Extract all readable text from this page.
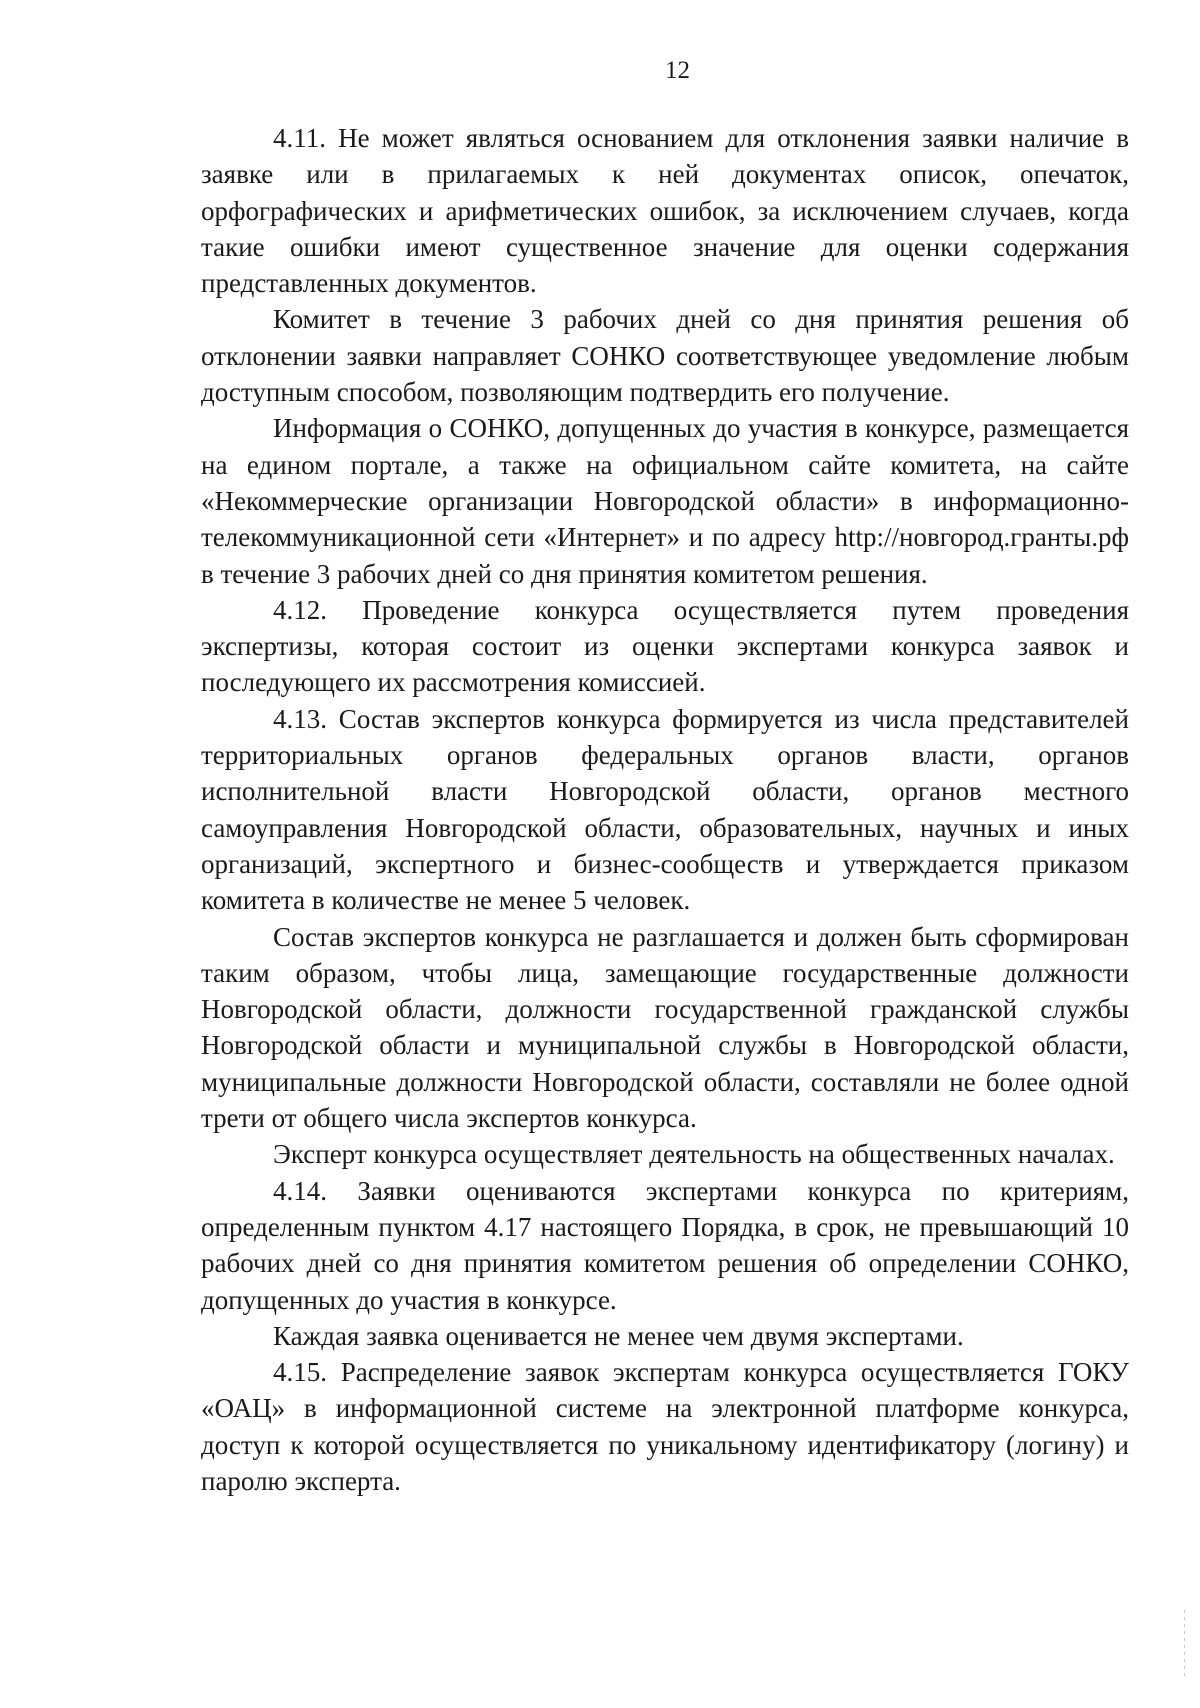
12

4.11. Не может являться основанием для отклонения заявки наличие в заявке или в прилагаемых к ней документах описок, опечаток, орфографических и арифметических ошибок, за исключением случаев, когда такие ошибки имеют существенное значение для оценки содержания представленных документов.

Комитет в течение 3 рабочих дней со дня принятия решения об отклонении заявки направляет СОНКО соответствующее уведомление любым доступным способом, позволяющим подтвердить его получение.

Информация о СОНКО, допущенных до участия в конкурсе, размещается на едином портале, а также на официальном сайте комитета, на сайте «Некоммерческие организации Новгородской области» в информационно-телекоммуникационной сети «Интернет» и по адресу http://новгород.гранты.рф в течение 3 рабочих дней со дня принятия комитетом решения.

4.12. Проведение конкурса осуществляется путем проведения экспертизы, которая состоит из оценки экспертами конкурса заявок и последующего их рассмотрения комиссией.

4.13. Состав экспертов конкурса формируется из числа представителей территориальных органов федеральных органов власти, органов исполнительной власти Новгородской области, органов местного самоуправления Новгородской области, образовательных, научных и иных организаций, экспертного и бизнес-сообществ и утверждается приказом комитета в количестве не менее 5 человек.

Состав экспертов конкурса не разглашается и должен быть сформирован таким образом, чтобы лица, замещающие государственные должности Новгородской области, должности государственной гражданской службы Новгородской области и муниципальной службы в Новгородской области, муниципальные должности Новгородской области, составляли не более одной трети от общего числа экспертов конкурса.

Эксперт конкурса осуществляет деятельность на общественных началах.

4.14. Заявки оцениваются экспертами конкурса по критериям, определенным пунктом 4.17 настоящего Порядка, в срок, не превышающий 10 рабочих дней со дня принятия комитетом решения об определении СОНКО, допущенных до участия в конкурсе.

Каждая заявка оценивается не менее чем двумя экспертами.

4.15. Распределение заявок экспертам конкурса осуществляется ГОКУ «ОАЦ» в информационной системе на электронной платформе конкурса, доступ к которой осуществляется по уникальному идентификатору (логину) и паролю эксперта.
